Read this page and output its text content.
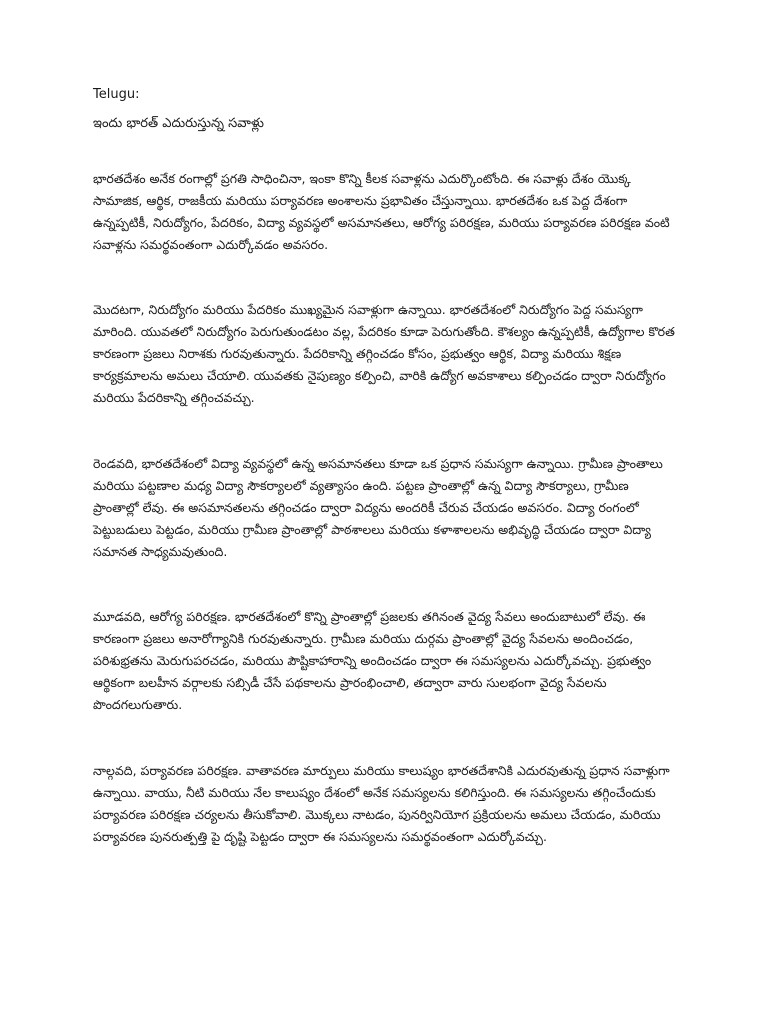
Telugu:

ఇందు భారత్ ఎదురుస్తున్న సవాళ్లు

భారతదేశం అనేక రంగాల్లో ప్రగతి సాధించినా, ఇంకా కొన్ని కీలక సవాళ్లను ఎదుర్కొంటోంది. ఈ సవాళ్లు దేశం యొక్క సామాజిక, ఆర్థిక, రాజకీయ మరియు పర్యావరణ అంశాలను ప్రభావితం చేస్తున్నాయి. భారతదేశం ఒక పెద్ద దేశంగా ఉన్నప్పటికీ, నిరుద్యోగం, పేదరికం, విద్యా వ్యవస్థలో అసమానతలు, ఆరోగ్య పరిరక్షణ, మరియు పర్యావరణ పరిరక్షణ వంటి సవాళ్లను సమర్థవంతంగా ఎదుర్కోవడం అవసరం.

మొదటగా, నిరుద్యోగం మరియు పేదరికం ముఖ్యమైన సవాళ్లుగా ఉన్నాయి. భారతదేశంలో నిరుద్యోగం పెద్ద సమస్యగా మారింది. యువతలో నిరుద్యోగం పెరుగుతుండటం వల్ల, పేదరికం కూడా పెరుగుతోంది. కౌశల్యం ఉన్నప్పటికీ, ఉద్యోగాల కొరత కారణంగా ప్రజలు నిరాశకు గురవుతున్నారు. పేదరికాన్ని తగ్గించడం కోసం, ప్రభుత్వం ఆర్థిక, విద్యా మరియు శిక్షణ కార్యక్రమాలను అమలు చేయాలి. యువతకు నైపుణ్యం కల్పించి, వారికి ఉద్యోగ అవకాశాలు కల్పించడం ద్వారా నిరుద్యోగం మరియు పేదరికాన్ని తగ్గించవచ్చు.

రెండవది, భారతదేశంలో విద్యా వ్యవస్థలో ఉన్న అసమానతలు కూడా ఒక ప్రధాన సమస్యగా ఉన్నాయి. గ్రామీణ ప్రాంతాలు మరియు పట్టణాల మధ్య విద్యా సౌకర్యాలలో వ్యత్యాసం ఉంది. పట్టణ ప్రాంతాల్లో ఉన్న విద్యా సౌకర్యాలు, గ్రామీణ ప్రాంతాల్లో లేవు. ఈ అసమానతలను తగ్గించడం ద్వారా విద్యను అందరికీ చేరువ చేయడం అవసరం. విద్యా రంగంలో పెట్టుబడులు పెట్టడం, మరియు గ్రామీణ ప్రాంతాల్లో పాఠశాలలు మరియు కళాశాలలను అభివృద్ధి చేయడం ద్వారా విద్యా సమానత సాధ్యమవుతుంది.

మూడవది, ఆరోగ్య పరిరక్షణ. భారతదేశంలో కొన్ని ప్రాంతాల్లో ప్రజలకు తగినంత వైద్య సేవలు అందుబాటులో లేవు. ఈ కారణంగా ప్రజలు అనారోగ్యానికి గురవుతున్నారు. గ్రామీణ మరియు దుర్గమ ప్రాంతాల్లో వైద్య సేవలను అందించడం, పరిశుభ్రతను మెరుగుపరచడం, మరియు పౌష్టికాహారాన్ని అందించడం ద్వారా ఈ సమస్యలను ఎదుర్కోవచ్చు. ప్రభుత్వం ఆర్థికంగా బలహీన వర్గాలకు సబ్సిడీ చేసే పథకాలను ప్రారంభించాలి, తద్వారా వారు సులభంగా వైద్య సేవలను పొందగలుగుతారు.

నాల్గవది, పర్యావరణ పరిరక్షణ. వాతావరణ మార్పులు మరియు కాలుష్యం భారతదేశానికి ఎదురవుతున్న ప్రధాన సవాళ్లుగా ఉన్నాయి. వాయు, నీటి మరియు నేల కాలుష్యం దేశంలో అనేక సమస్యలను కలిగిస్తుంది. ఈ సమస్యలను తగ్గించేందుకు పర్యావరణ పరిరక్షణ చర్యలను తీసుకోవాలి. మొక్కలు నాటడం, పునర్వినియోగ ప్రక్రియలను అమలు చేయడం, మరియు పర్యావరణ పునరుత్పత్తి పై దృష్టి పెట్టడం ద్వారా ఈ సమస్యలను సమర్థవంతంగా ఎదుర్కోవచ్చు.
